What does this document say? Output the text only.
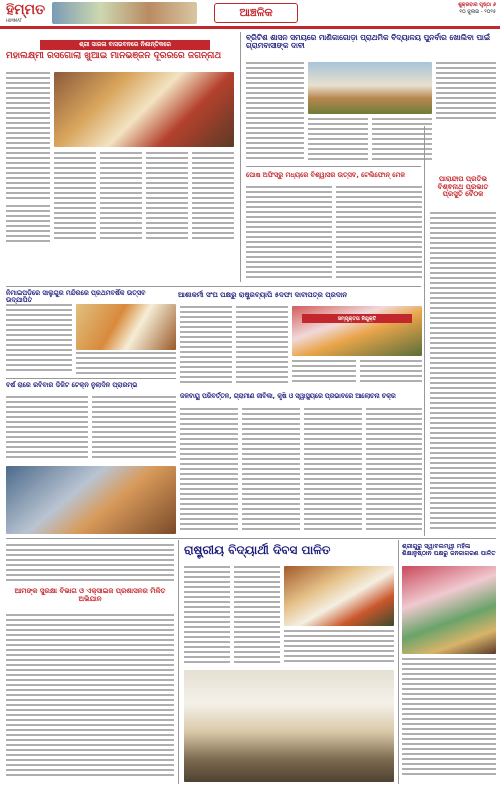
ହିମ୍ମତ
HIMMAT
ଆଞ୍ଚଳିକ
ଶୁକ୍ରବାର ପୃଷ୍ଠା ୬
୧୦ ଜୁଲାଇ - ୨୦୨୫
ଶ୍ରୀ ସାରଳା ବାସଭବନରେ ନିଶାନ୍ତିକରେ
ମହାଲକ୍ଷ୍ମୀ ରସଗୋଲା ଖୁଆଇ ମାନଭଞ୍ଜନ ଦୂରରରେ ଜଗନ୍ନାଥ
ବ୍ରିଟିଶ ଶାସନ ସମୟରେ ମାଣିକାଗୋଡ଼ା ପ୍ରାଥମିକ ବିଦ୍ୟାଳୟ ପୁନର୍ବାର ଖୋଲିବା ପାଇଁ ଗ୍ରାମବାସୀଙ୍କ ଦାବୀ
ପାରାନ୍ଦୀପ ପ୍ରତିଭ ବିଶ୍ଵନାଥ ପ୍ରଭାତ ପ୍ରସୁତି ବୈଠକ
ପୋଷ ଅଫିସ୍‌ରୁ ମଧ୍ୟରେ ବିଶ୍ୱାସର ଉତ୍ସବ, ଟେଲିଫୋନ୍ ମେଳ
ନିମାଇପଡ଼ିରେ ସାଲୁଗୁର ମନ୍ଦିରରେ ପ୍ରଥମବର୍ଷିକ ଉତ୍ସବ ଉଦ୍ଯାପିତ
ଆଶାକର୍ମୀ ସଂଘ ପକ୍ଷରୁ ରାଷ୍ଟ୍ରବ୍ୟାପି ୫ଦଫା ଦାବୀପତ୍ର ପ୍ରଦାନ
ସମ୍ପୃକ୍ତତା ନିଯୁକ୍ତି
ବର୍ଷ ରାରେ ରବିବାର ଡିଜିଟ ଟେକ୍ନ ନୁଲାଦିନ ପ୍ରାରମ୍ଭ
ଜଳବାୟୁ ପରିବର୍ତ୍ତନ, ଗ୍ରାମୀଣ ଜୀବିକା, କୃଷି ଓ ସ୍ୱାସ୍ଥ୍ୟରେ ପ୍ରଭାବରେ ଆଲୋଚନା ଚକ୍ର
ଆମଙ୍କ ସୁରକ୍ଷା ବିଭାଗ ଓ ଏକ୍ସାଇଜ ପ୍ରଶାସନର ମିଳିତ ଅଭିଯାନ
ରାଷ୍ଟ୍ରୀୟ ବିଦ୍ୟାର୍ଥୀ ଦିବସ ପାଳିତ	ଶ୍ରୀଗୁରୁ ସ୍ୱାବଲମ୍ୱୀ ମହିଳା ଶିକ୍ଷାନୁଷ୍ଠାନ ପକ୍ଷରୁ ଜନଜାଗରଣ ପାଳିତ
